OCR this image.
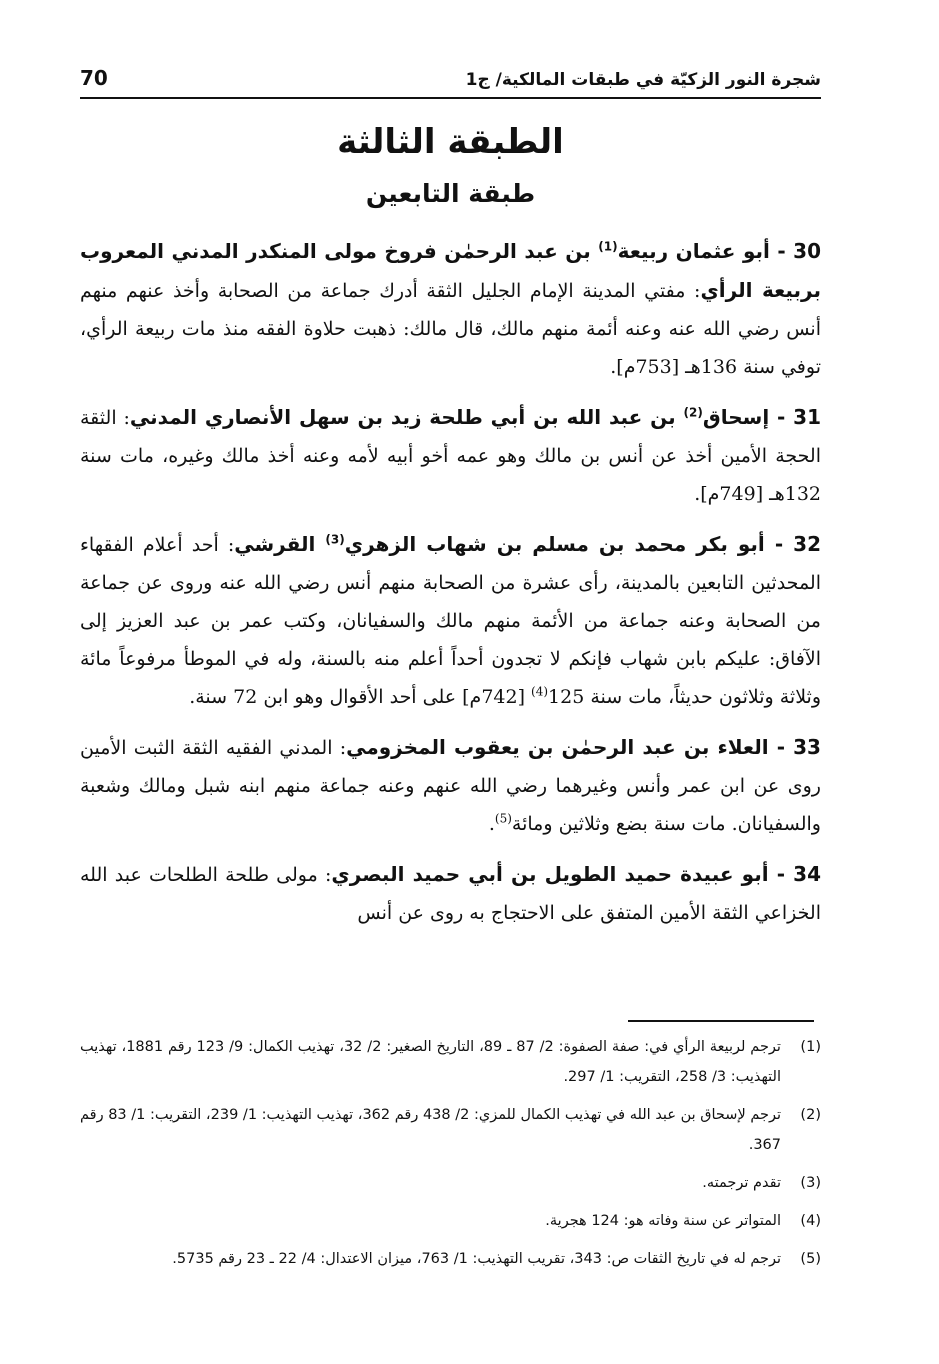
70	شجرة النور الزكيّة في طبقات المالكية/ ج1
الطبقة الثالثة
طبقة التابعين

30 - أبو عثمان ربيعة$^{(1)}$ بن عبد الرحمٰن فروخ مولى المنكدر المدني المعروب بربيعة الرأي: مفتي المدينة الإمام الجليل الثقة أدرك جماعة من الصحابة وأخذ عنهم منهم أنس رضي الله عنه وعنه أئمة منهم مالك، قال مالك: ذهبت حلاوة الفقه منذ مات ربيعة الرأي، توفي سنة 136هـ [753م].

31 - إسحاق$^{(2)}$ بن عبد الله بن أبي طلحة زيد بن سهل الأنصاري المدني: الثقة الحجة الأمين أخذ عن أنس بن مالك وهو عمه أخو أبيه لأمه وعنه أخذ مالك وغيره، مات سنة 132هـ [749م].

32 - أبو بكر محمد بن مسلم بن شهاب الزهري$^{(3)}$ القرشي: أحد أعلام الفقهاء المحدثين التابعين بالمدينة، رأى عشرة من الصحابة منهم أنس رضي الله عنه وروى عن جماعة من الصحابة وعنه جماعة من الأئمة منهم مالك والسفيانان، وكتب عمر بن عبد العزيز إلى الآفاق: عليكم بابن شهاب فإنكم لا تجدون أحداً أعلم منه بالسنة، وله في الموطأ مرفوعاً مائة وثلاثة وثلاثون حديثاً، مات سنة 125$^{(4)}$ [742م] على أحد الأقوال وهو ابن 72 سنة.

33 - العلاء بن عبد الرحمٰن بن يعقوب المخزومي: المدني الفقيه الثقة الثبت الأمين روى عن ابن عمر وأنس وغيرهما رضي الله عنهم وعنه جماعة منهم ابنه شبل ومالك وشعبة والسفيانان. مات سنة بضع وثلاثين ومائة$^{(5)}$.

34 - أبو عبيدة حميد الطويل بن أبي حميد البصري: مولى طلحة الطلحات عبد الله الخزاعي الثقة الأمين المتفق على الاحتجاج به روى عن أنس

(1)
ترجم لربيعة الرأي في: صفة الصفوة: 2/ 87 ـ 89، التاريخ الصغير: 2/ 32، تهذيب الكمال: 9/ 123 رقم 1881، تهذيب التهذيب: 3/ 258، التقريب: 1/ 297.
(2)
ترجم لإسحاق بن عبد الله في تهذيب الكمال للمزي: 2/ 438 رقم 362، تهذيب التهذيب: 1/ 239، التقريب: 1/ 83 رقم 367.
(3)
تقدم ترجمته.
(4)
المتواتر عن سنة وفاته هو: 124 هجرية.
(5)
ترجم له في تاريخ الثقات ص: 343، تقريب التهذيب: 1/ 763، ميزان الاعتدال: 4/ 22 ـ 23 رقم 5735.
